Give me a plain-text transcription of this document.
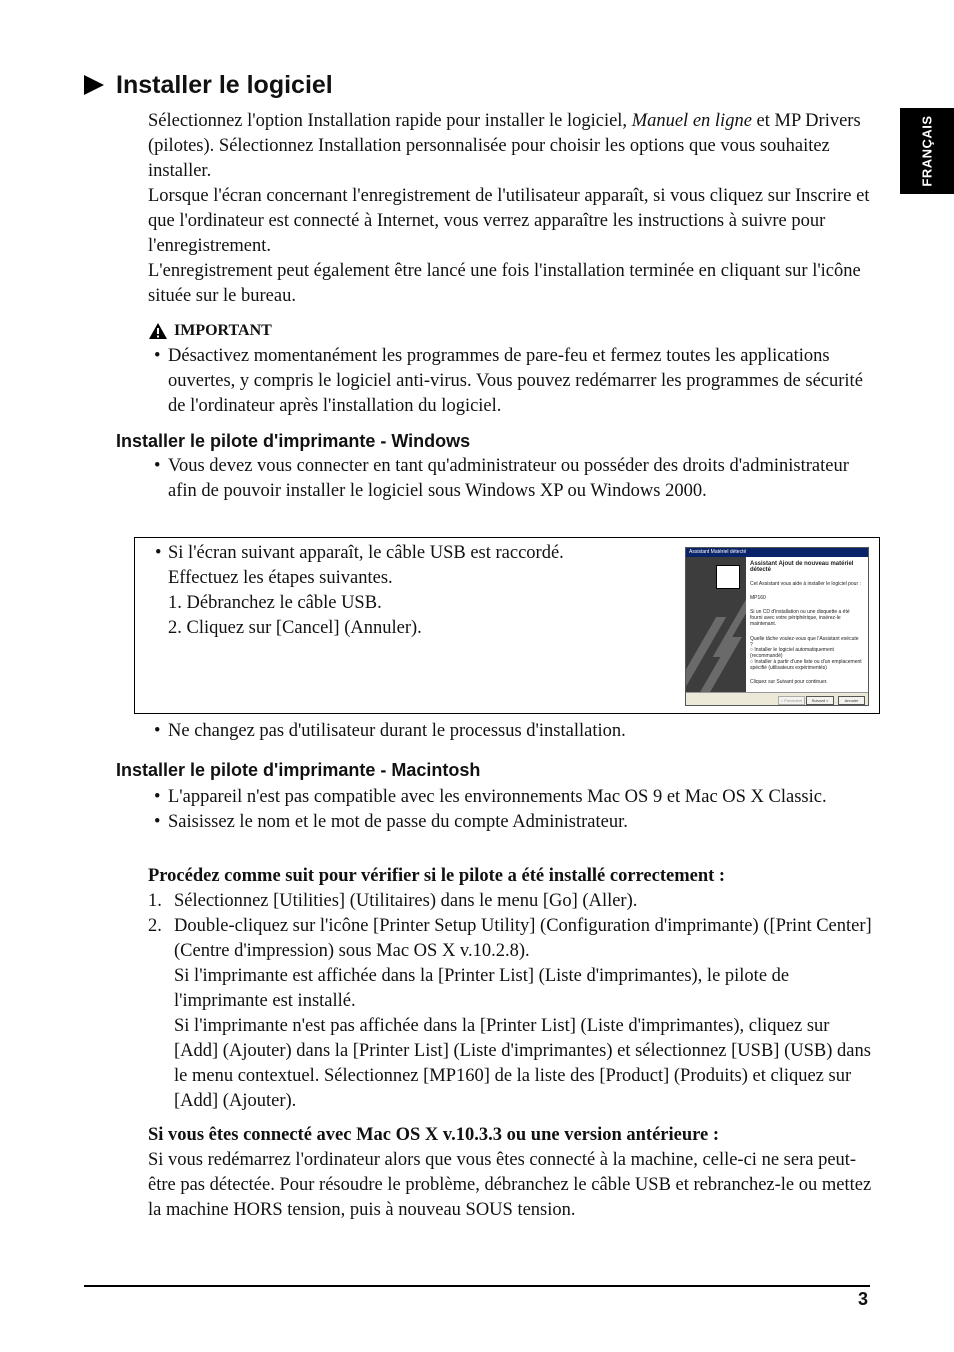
FRANÇAIS
Installer le logiciel

Sélectionnez l'option Installation rapide pour installer le logiciel, Manuel en ligne et MP Drivers (pilotes). Sélectionnez Installation personnalisée pour choisir les options que vous souhaitez installer.

Lorsque l'écran concernant l'enregistrement de l'utilisateur apparaît, si vous cliquez sur Inscrire et que l'ordinateur est connecté à Internet, vous verrez apparaître les instructions à suivre pour l'enregistrement.

L'enregistrement peut également être lancé une fois l'installation terminée en cliquant sur l'icône située sur le bureau.

IMPORTANT
• Désactivez momentanément les programmes de pare-feu et fermez toutes les applications ouvertes, y compris le logiciel anti-virus. Vous pouvez redémarrer les programmes de sécurité de l'ordinateur après l'installation du logiciel.
Installer le pilote d'imprimante - Windows
• Vous devez vous connecter en tant qu'administrateur ou posséder des droits d'administrateur afin de pouvoir installer le logiciel sous Windows XP ou Windows 2000.
• Si l'écran suivant apparaît, le câble USB est raccordé.
Effectuez les étapes suivantes.
1. Débranchez le câble USB.
2. Cliquez sur [Cancel] (Annuler).
Assistant Matériel détecté
Assistant Ajout de nouveau matériel détecté
Cet Assistant vous aide à installer le logiciel pour :
MP160
Si un CD d'installation ou une disquette a été fourni avec votre périphérique, insérez-le maintenant.
Quelle tâche voulez-vous que l'Assistant exécute ?
○ Installer le logiciel automatiquement (recommandé)
○ Installer à partir d'une liste ou d'un emplacement spécifié (utilisateurs expérimentés)
Cliquez sur Suivant pour continuer.
< Précédent	Suivant >	Annuler
• Ne changez pas d'utilisateur durant le processus d'installation.
Installer le pilote d'imprimante - Macintosh
• L'appareil n'est pas compatible avec les environnements Mac OS 9 et Mac OS X Classic.
• Saisissez le nom et le mot de passe du compte Administrateur.
Procédez comme suit pour vérifier si le pilote a été installé correctement :
1. Sélectionnez [Utilities] (Utilitaires) dans le menu [Go] (Aller).
2. Double-cliquez sur l'icône [Printer Setup Utility] (Configuration d'imprimante) ([Print Center] (Centre d'impression) sous Mac OS X v.10.2.8).
Si l'imprimante est affichée dans la [Printer List] (Liste d'imprimantes), le pilote de l'imprimante est installé.
Si l'imprimante n'est pas affichée dans la [Printer List] (Liste d'imprimantes), cliquez sur [Add] (Ajouter) dans la [Printer List] (Liste d'imprimantes) et sélectionnez [USB] (USB) dans le menu contextuel. Sélectionnez [MP160] de la liste des [Product] (Produits) et cliquez sur [Add] (Ajouter).

Si vous êtes connecté avec Mac OS X v.10.3.3 ou une version antérieure :

Si vous redémarrez l'ordinateur alors que vous êtes connecté à la machine, celle-ci ne sera peut-être pas détectée. Pour résoudre le problème, débranchez le câble USB et rebranchez-le ou mettez la machine HORS tension, puis à nouveau SOUS tension.

3
